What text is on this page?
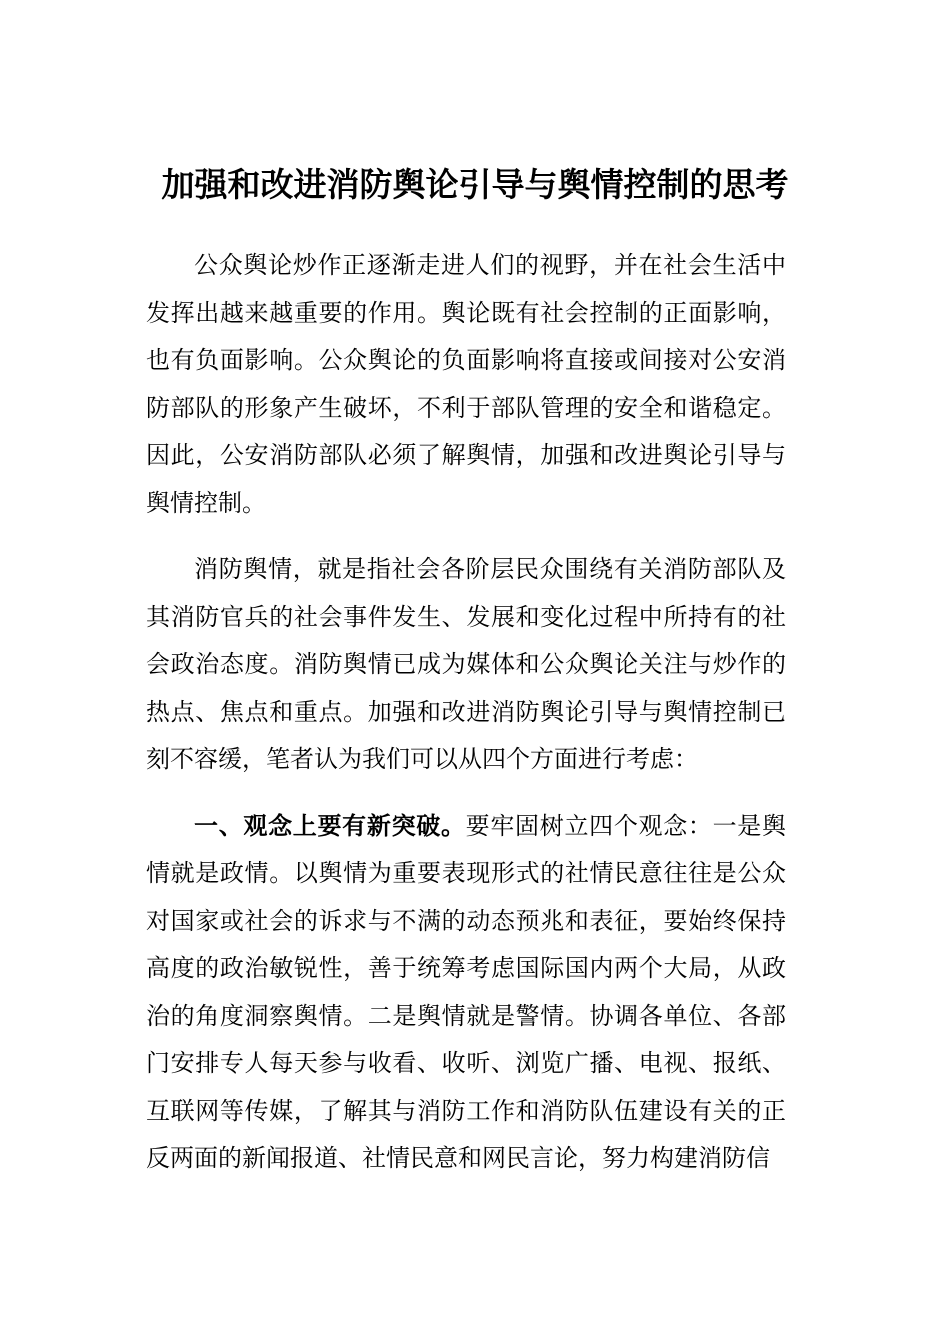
加强和改进消防舆论引导与舆情控制的思考

公众舆论炒作正逐渐走进人们的视野，并在社会生活中发挥出越来越重要的作用。舆论既有社会控制的正面影响，也有负面影响。公众舆论的负面影响将直接或间接对公安消防部队的形象产生破坏，不利于部队管理的安全和谐稳定。因此，公安消防部队必须了解舆情，加强和改进舆论引导与舆情控制。

消防舆情，就是指社会各阶层民众围绕有关消防部队及其消防官兵的社会事件发生、发展和变化过程中所持有的社会政治态度。消防舆情已成为媒体和公众舆论关注与炒作的热点、焦点和重点。加强和改进消防舆论引导与舆情控制已刻不容缓，笔者认为我们可以从四个方面进行考虑：

一、观念上要有新突破。要牢固树立四个观念：一是舆情就是政情。以舆情为重要表现形式的社情民意往往是公众对国家或社会的诉求与不满的动态预兆和表征，要始终保持高度的政治敏锐性，善于统筹考虑国际国内两个大局，从政治的角度洞察舆情。二是舆情就是警情。协调各单位、各部门安排专人每天参与收看、收听、浏览广播、电视、报纸、互联网等传媒，了解其与消防工作和消防队伍建设有关的正反两面的新闻报道、社情民意和网民言论，努力构建消防信
